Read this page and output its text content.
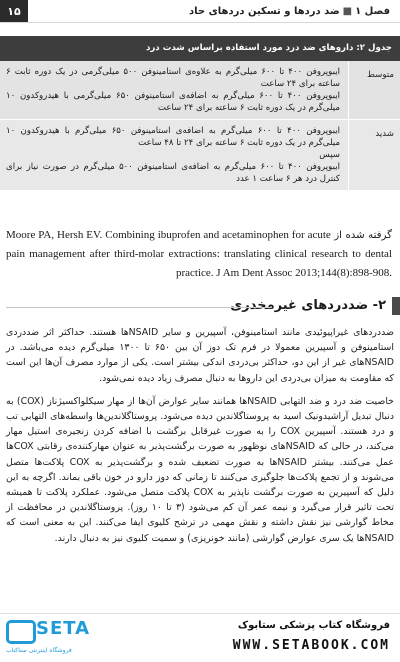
۱۵	فصل ۱
■
ضد دردها و تسکین دردهای حاد
جدول ۲: داروهای ضد درد مورد استفاده براساس شدت درد
متوسط

ایبوپروفن ۴۰۰ تا ۶۰۰ میلی‌گرم به علاوه‌ی استامینوفن ۵۰۰ میلی‌گرمی در یک دوره ثابت ۶ ساعته برای ۲۴ ساعت

ایبوپروفن ۴۰۰ تا ۶۰۰ میلی‌گرم به اضافه‌ی استامینوفن ۶۵۰ میلی‌گرمی با هیدروکدون ۱۰ میلی‌گرم در یک دوره ثابت ۶ ساعته برای ۲۴ ساعت

شدید

ایبوپروفن ۴۰۰ تا ۶۰۰ میلی‌گرم به اضافه‌ی استامینوفن ۶۵۰ میلی‌گرم با هیدروکدون ۱۰ میلی‌گرم در یک دوره ثابت ۶ ساعته برای ۲۴ تا ۴۸ ساعت

سپس

ایبوپروفن ۴۰۰ تا ۶۰۰ میلی‌گرم به اضافه‌ی استامینوفن ۵۰۰ میلی‌گرم در صورت نیاز برای کنترل درد هر ۶ ساعت ۱ عدد

گرفته شده از Moore PA, Hersh EV. Combining ibuprofen and acetaminophen for acute pain management after third-molar extractions: translating clinical research to dental practice. J Am Dent Assoc 2013;144(8):898-908.
۲- ضددردهای غیرمخدری

ضددردهای غیراپیوئیدی مانند استامینوفن، آسپیرین و سایر NSAIDها هستند. حداکثر اثر ضددردی استامینوفن و آسپیرین معمولا در فرم تک دوز آن بین ۶۵۰ تا ۱۳۰۰ میلی‌گرم دیده می‌باشد. در NSAIDهای غیر از این دو، حداکثر بی‌دردی اندکی بیشتر است. یکی از موارد مصرف آن‌ها این است که مقاومت به میزان بی‌دردی این داروها به دنبال مصرف زیاد دیده نمی‌شود.

خاصیت ضد درد و ضد التهابی NSAIDها همانند سایر عوارض آن‌ها از مهار سیکلواکسیژناز (COX) به دنبال تبدیل آراشیدونیک اسید به پروستاگلاندین دیده می‌شود. پروستاگلاندین‌ها واسطه‌های التهابی تب و درد هستند. آسپیرین COX را به صورت غیرقابل برگشت با اضافه کردن زنجیره‌ی استیل مهار می‌کند، در حالی که NSAIDهای نوظهور به صورت برگشت‌پذیر به عنوان مهارکننده‌ی رقابتی COXها عمل می‌کنند. بیشتر NSAIDها به صورت تضعیف شده و برگشت‌پذیر به COX پلاکت‌ها متصل می‌شوند و از تجمع پلاکت‌ها جلوگیری می‌کنند تا زمانی که دوز دارو در خون باقی بماند. اگرچه به این دلیل که آسپیرین به صورت برگشت ناپذیر به COX پلاکت متصل می‌شود. عملکرد پلاکت تا همیشه تحت تاثیر قرار می‌گیرد و نیمه عمر آن کم می‌شود (۳ تا ۱۰ روز). پروستاگلاندین در محافظت از مخاط گوارشی نیز نقش داشته و نقش مهمی در ترشح کلیوی ایفا می‌کنند. این به معنی است که NSAIDها یک سری عوارض گوارشی (مانند خونریزی) و سمیت کلیوی نیز به دنبال دارند.

SETA
فروشگاه اینترنتی ستاکتاب
فروشگاه کتاب پزشکی ستابوک
WWW.SETABOOK.COM
